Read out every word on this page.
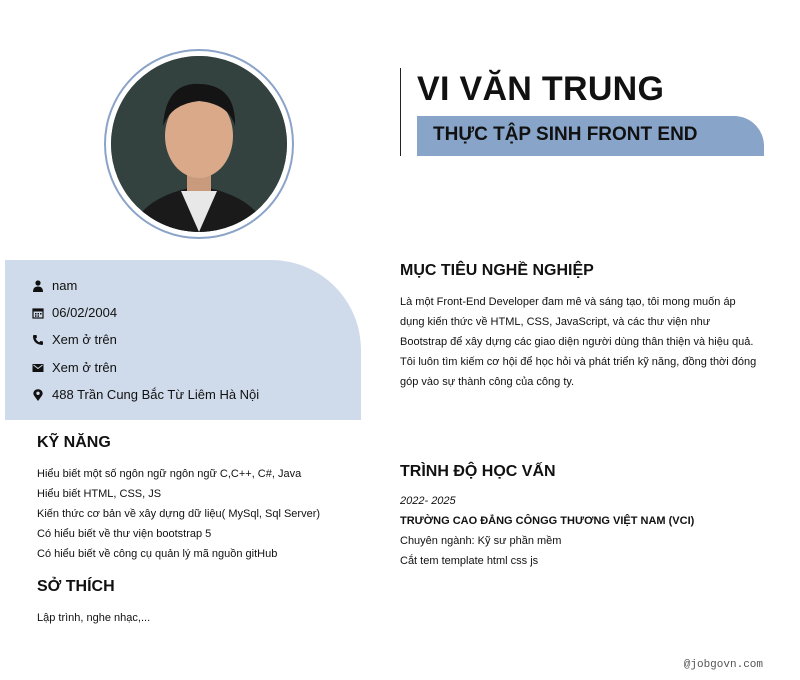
VI VĂN TRUNG
THỰC TẬP SINH FRONT END
nam
06/02/2004
Xem ở trên
Xem ở trên
488 Trần Cung Bắc Từ Liêm Hà Nội
KỸ NĂNG
Hiểu biết một số ngôn ngữ ngôn ngữ C,C++, C#, Java
Hiểu biết HTML, CSS, JS
Kiến thức cơ bản về xây dựng dữ liệu( MySql, Sql Server)
Có hiểu biết về thư viện bootstrap 5
Có hiểu biết về công cụ quản lý mã nguồn gitHub
SỞ THÍCH
Lập trình, nghe nhạc,...
MỤC TIÊU NGHỀ NGHIỆP
Là một Front-End Developer đam mê và sáng tạo, tôi mong muốn áp
dụng kiến thức về HTML, CSS, JavaScript, và các thư viện như
Bootstrap để xây dựng các giao diện người dùng thân thiện và hiệu quả.
Tôi luôn tìm kiếm cơ hội để học hỏi và phát triển kỹ năng, đồng thời đóng
góp vào sự thành công của công ty.
TRÌNH ĐỘ HỌC VẤN
2022- 2025
TRƯỜNG CAO ĐẲNG CÔNGG THƯƠNG VIỆT NAM (VCI)
Chuyên ngành: Kỹ sư phần mềm
Cắt tem template html css js
@jobgovn.com
